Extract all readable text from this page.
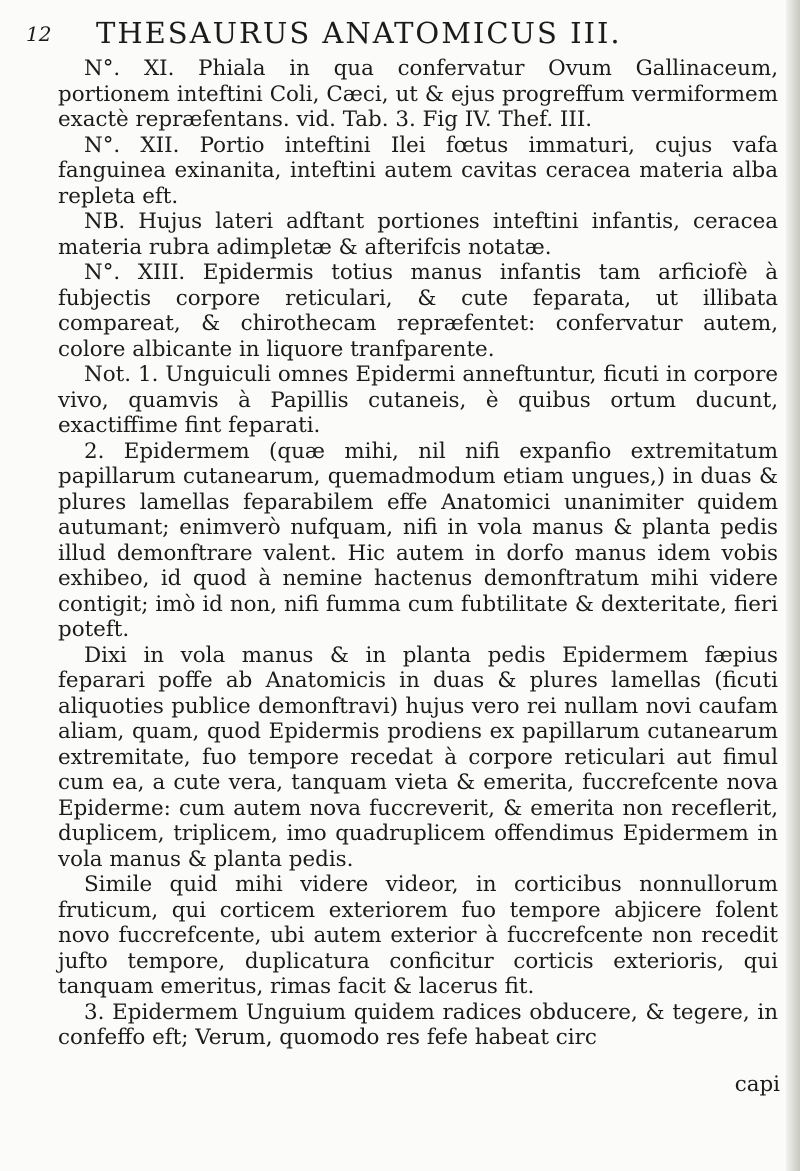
12 THESAURUS ANATOMICUS III.

N°. XI. Phiala in qua confervatur Ovum Gallinaceum, portionem inteftini Coli, Cæci, ut & ejus progreffum vermiformem exactè repræfentans. vid. Tab. 3. Fig IV. Thef. III.

N°. XII. Portio inteftini Ilei fœtus immaturi, cujus vafa fanguinea exinanita, inteftini autem cavitas ceracea materia alba repleta eft.

NB. Hujus lateri adftant portiones inteftini infantis, ceracea materia rubra adimpletæ & afterifcis notatæ.

N°. XIII. Epidermis totius manus infantis tam arficiofè à fubjectis corpore reticulari, & cute feparata, ut illibata compareat, & chirothecam repræfentet: confervatur autem, colore albicante in liquore tranfparente.

Not. 1. Unguiculi omnes Epidermi anneftuntur, ficuti in corpore vivo, quamvis à Papillis cutaneis, è quibus ortum ducunt, exactiffime fint feparati.

2. Epidermem (quæ mihi, nil nifi expanfio extremitatum papillarum cutanearum, quemadmodum etiam ungues,) in duas & plures lamellas feparabilem effe Anatomici unanimiter quidem autumant; enimverò nufquam, nifi in vola manus & planta pedis illud demonftrare valent. Hic autem in dorfo manus idem vobis exhibeo, id quod à nemine hactenus demonftratum mihi videre contigit; imò id non, nifi fumma cum fubtilitate & dexteritate, fieri poteft.

Dixi in vola manus & in planta pedis Epidermem fæpius feparari poffe ab Anatomicis in duas & plures lamellas (ficuti aliquoties publice demonftravi) hujus vero rei nullam novi caufam aliam, quam, quod Epidermis prodiens ex papillarum cutanearum extremitate, fuo tempore recedat à corpore reticulari aut fimul cum ea, a cute vera, tanquam vieta & emerita, fuccrefcente nova Epiderme: cum autem nova fuccreverit, & emerita non receflerit, duplicem, triplicem, imo quadruplicem offendimus Epidermem in vola manus & planta pedis.

Simile quid mihi videre videor, in corticibus nonnullorum fruticum, qui corticem exteriorem fuo tempore abjicere folent novo fuccrefcente, ubi autem exterior à fuccrefcente non recedit jufto tempore, duplicatura conficitur corticis exterioris, qui tanquam emeritus, rimas facit & lacerus fit.

3. Epidermem Unguium quidem radices obducere, & tegere, in confeffo eft; Verum, quomodo res fefe habeat circ

capi
